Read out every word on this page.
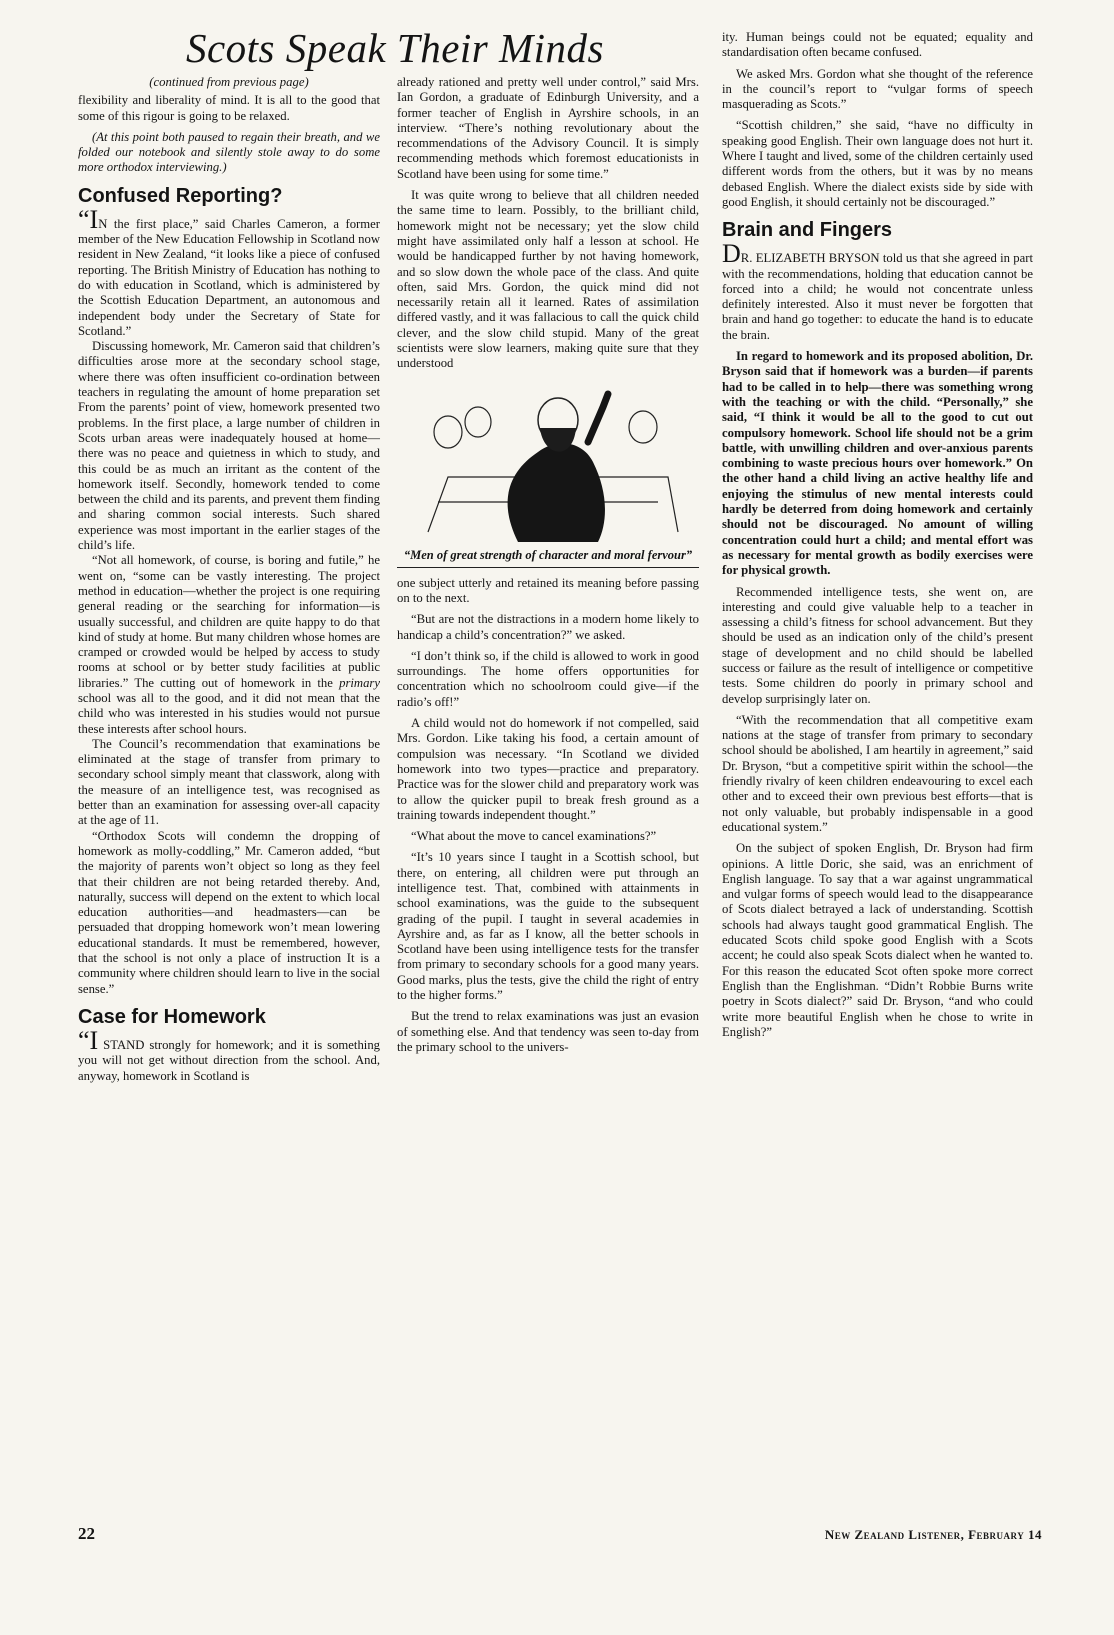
Scots Speak Their Minds

(continued from previous page)

flexibility and liberality of mind. It is all to the good that some of this rigour is going to be relaxed.

(At this point both paused to regain their breath, and we folded our notebook and silently stole away to do some more orthodox interviewing.)

Confused Reporting?

“IN the first place,” said Charles Cameron, a former member of the New Education Fellowship in Scotland now resident in New Zealand, “it looks like a piece of confused reporting. The British Ministry of Education has nothing to do with education in Scotland, which is administered by the Scottish Education Department, an autonomous and independent body under the Secretary of State for Scotland.”

Discussing homework, Mr. Cameron said that children’s difficulties arose more at the secondary school stage, where there was often insufficient co-ordination between teachers in regulating the amount of home preparation set From the parents’ point of view, homework presented two problems. In the first place, a large number of children in Scots urban areas were inadequately housed at home—there was no peace and quietness in which to study, and this could be as much an irritant as the content of the homework itself. Secondly, homework tended to come between the child and its parents, and prevent them finding and sharing common social interests. Such shared experience was most important in the earlier stages of the child’s life.

“Not all homework, of course, is boring and futile,” he went on, “some can be vastly interesting. The project method in education—whether the project is one requiring general reading or the searching for information—is usually successful, and children are quite happy to do that kind of study at home. But many children whose homes are cramped or crowded would be helped by access to study rooms at school or by better study facilities at public libraries.” The cutting out of homework in the primary school was all to the good, and it did not mean that the child who was interested in his studies would not pursue these interests after school hours.

The Council’s recommendation that examinations be eliminated at the stage of transfer from primary to secondary school simply meant that classwork, along with the measure of an intelligence test, was recognised as better than an examination for assessing over-all capacity at the age of 11.

“Orthodox Scots will condemn the dropping of homework as molly-coddling,” Mr. Cameron added, “but the majority of parents won’t object so long as they feel that their children are not being retarded thereby. And, naturally, success will depend on the extent to which local education authorities—and headmasters—can be persuaded that dropping homework won’t mean lowering educational standards. It must be remembered, however, that the school is not only a place of instruction It is a community where children should learn to live in the social sense.”

Case for Homework

“I STAND strongly for homework; and it is something you will not get without direction from the school. And, anyway, homework in Scotland is

already rationed and pretty well under control,” said Mrs. Ian Gordon, a graduate of Edinburgh University, and a former teacher of English in Ayrshire schools, in an interview. “There’s nothing revolutionary about the recommendations of the Advisory Council. It is simply recommending methods which foremost educationists in Scotland have been using for some time.”

It was quite wrong to believe that all children needed the same time to learn. Possibly, to the brilliant child, homework might not be necessary; yet the slow child might have assimilated only half a lesson at school. He would be handicapped further by not having homework, and so slow down the whole pace of the class. And quite often, said Mrs. Gordon, the quick mind did not necessarily retain all it learned. Rates of assimilation differed vastly, and it was fallacious to call the quick child clever, and the slow child stupid. Many of the great scientists were slow learners, making quite sure that they understood

“Men of great strength of character and moral fervour”

one subject utterly and retained its meaning before passing on to the next.

“But are not the distractions in a modern home likely to handicap a child’s concentration?” we asked.

“I don’t think so, if the child is allowed to work in good surroundings. The home offers opportunities for concentration which no schoolroom could give—if the radio’s off!”

A child would not do homework if not compelled, said Mrs. Gordon. Like taking his food, a certain amount of compulsion was necessary. “In Scotland we divided homework into two types—practice and preparatory. Practice was for the slower child and preparatory work was to allow the quicker pupil to break fresh ground as a training towards independent thought.”

“What about the move to cancel examinations?”

“It’s 10 years since I taught in a Scottish school, but there, on entering, all children were put through an intelligence test. That, combined with attainments in school examinations, was the guide to the subsequent grading of the pupil. I taught in several academies in Ayrshire and, as far as I know, all the better schools in Scotland have been using intelligence tests for the transfer from primary to secondary schools for a good many years. Good marks, plus the tests, give the child the right of entry to the higher forms.”

But the trend to relax examinations was just an evasion of something else. And that tendency was seen to-day from the primary school to the univers-

ity. Human beings could not be equated; equality and standardisation often became confused.

We asked Mrs. Gordon what she thought of the reference in the council’s report to “vulgar forms of speech masquerading as Scots.”

“Scottish children,” she said, “have no difficulty in speaking good English. Their own language does not hurt it. Where I taught and lived, some of the children certainly used different words from the others, but it was by no means debased English. Where the dialect exists side by side with good English, it should certainly not be discouraged.”

Brain and Fingers

DR. ELIZABETH BRYSON told us that she agreed in part with the recommendations, holding that education cannot be forced into a child; he would not concentrate unless definitely interested. Also it must never be forgotten that brain and hand go together: to educate the hand is to educate the brain.

In regard to homework and its proposed abolition, Dr. Bryson said that if homework was a burden—if parents had to be called in to help—there was something wrong with the teaching or with the child. “Personally,” she said, “I think it would be all to the good to cut out compulsory homework. School life should not be a grim battle, with unwilling children and over-anxious parents combining to waste precious hours over homework.” On the other hand a child living an active healthy life and enjoying the stimulus of new mental interests could hardly be deterred from doing homework and certainly should not be discouraged. No amount of willing concentration could hurt a child; and mental effort was as necessary for mental growth as bodily exercises were for physical growth.

Recommended intelligence tests, she went on, are interesting and could give valuable help to a teacher in assessing a child’s fitness for school advancement. But they should be used as an indication only of the child’s present stage of development and no child should be labelled success or failure as the result of intelligence or competitive tests. Some children do poorly in primary school and develop surprisingly later on.

“With the recommendation that all competitive exam nations at the stage of transfer from primary to secondary school should be abolished, I am heartily in agreement,” said Dr. Bryson, “but a competitive spirit within the school—the friendly rivalry of keen children endeavouring to excel each other and to exceed their own previous best efforts—that is not only valuable, but probably indispensable in a good educational system.”

On the subject of spoken English, Dr. Bryson had firm opinions. A little Doric, she said, was an enrichment of English language. To say that a war against ungrammatical and vulgar forms of speech would lead to the disappearance of Scots dialect betrayed a lack of understanding. Scottish schools had always taught good grammatical English. The educated Scots child spoke good English with a Scots accent; he could also speak Scots dialect when he wanted to. For this reason the educated Scot often spoke more correct English than the Englishman. “Didn’t Robbie Burns write poetry in Scots dialect?” said Dr. Bryson, “and who could write more beautiful English when he chose to write in English?”

22	New Zealand Listener, February 14
